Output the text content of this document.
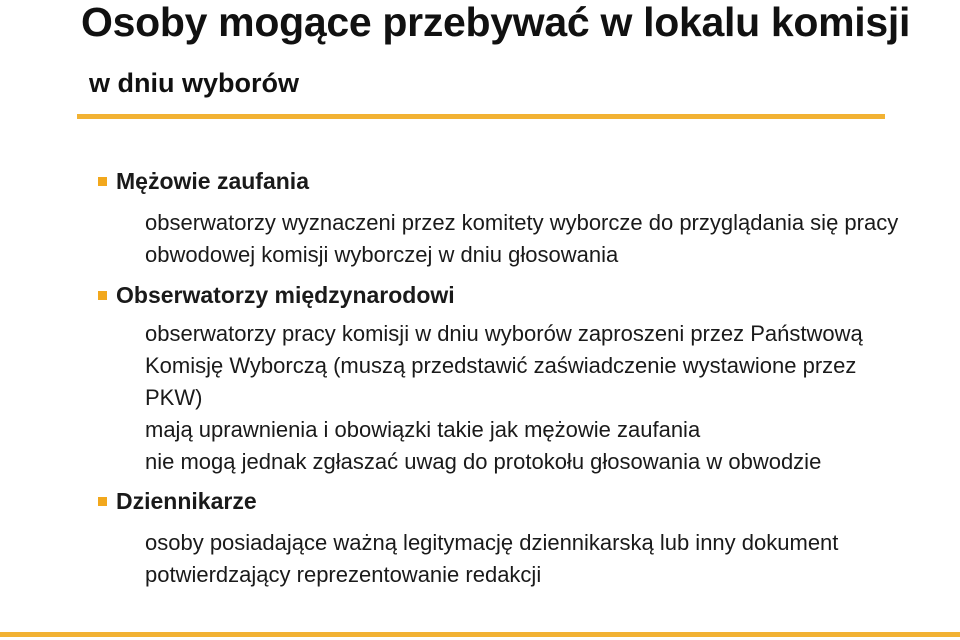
Osoby mogące przebywać w lokalu komisji
w dniu wyborów
Mężowie zaufania
obserwatorzy wyznaczeni przez komitety wyborcze do przyglądania się pracy
obwodowej komisji wyborczej w dniu głosowania
Obserwatorzy międzynarodowi
obserwatorzy pracy komisji w dniu wyborów zaproszeni przez Państwową
Komisję Wyborczą (muszą przedstawić zaświadczenie wystawione przez
PKW)
mają uprawnienia i obowiązki takie jak mężowie zaufania
nie mogą jednak zgłaszać uwag do protokołu głosowania w obwodzie
Dziennikarze
osoby posiadające ważną legitymację dziennikarską lub inny dokument
potwierdzający reprezentowanie redakcji
